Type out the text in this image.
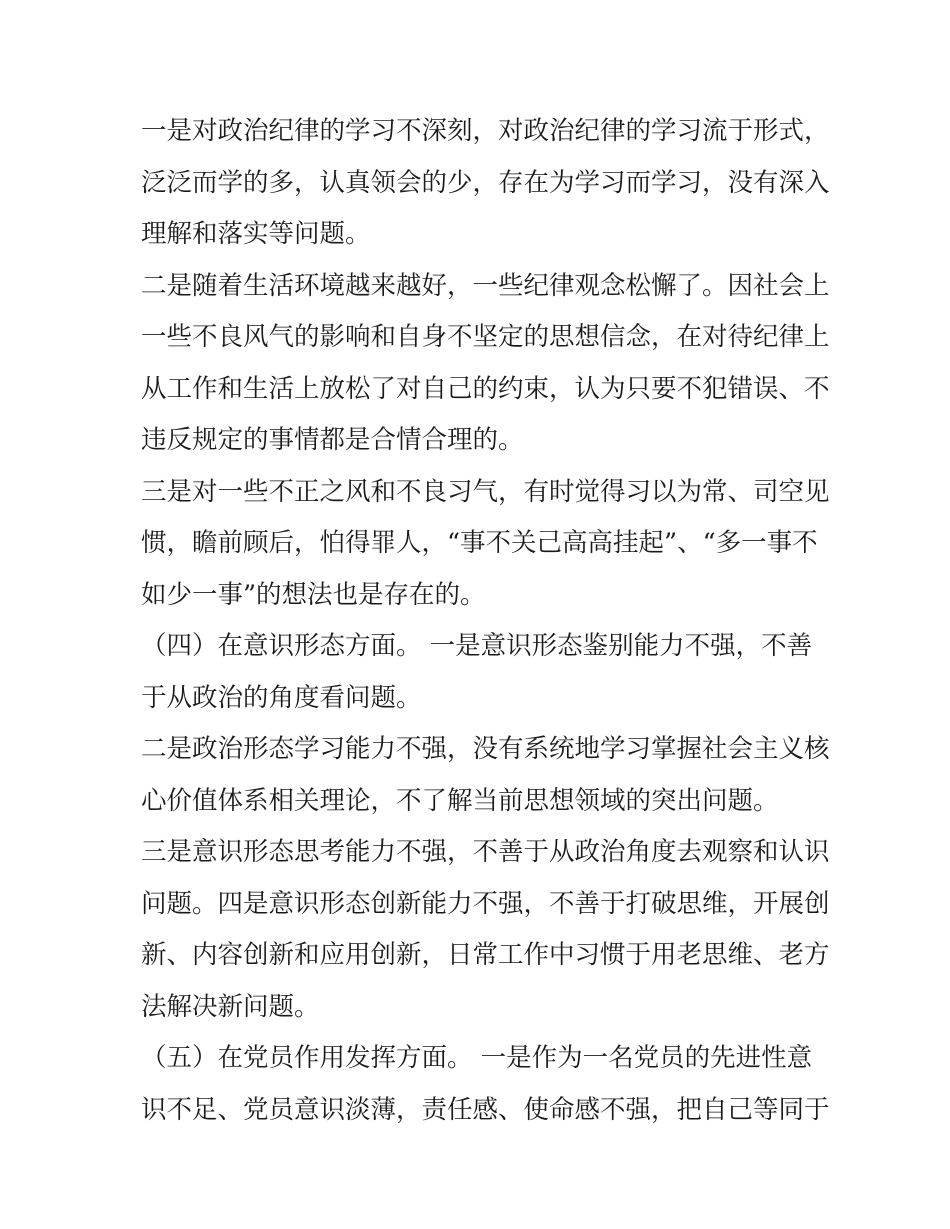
一是对政治纪律的学习不深刻，对政治纪律的学习流于形式，
泛泛而学的多，认真领会的少，存在为学习而学习，没有深入
理解和落实等问题。
二是随着生活环境越来越好，一些纪律观念松懈了。因社会上
一些不良风气的影响和自身不坚定的思想信念，在对待纪律上
从工作和生活上放松了对自己的约束，认为只要不犯错误、不
违反规定的事情都是合情合理的。
三是对一些不正之风和不良习气，有时觉得习以为常、司空见
惯，瞻前顾后，怕得罪人，“事不关己高高挂起”、“多一事不
如少一事”的想法也是存在的。
（四）在意识形态方面。 一是意识形态鉴别能力不强，不善
于从政治的角度看问题。
二是政治形态学习能力不强，没有系统地学习掌握社会主义核
心价值体系相关理论，不了解当前思想领域的突出问题。
三是意识形态思考能力不强，不善于从政治角度去观察和认识
问题。四是意识形态创新能力不强，不善于打破思维，开展创
新、内容创新和应用创新，日常工作中习惯于用老思维、老方
法解决新问题。
（五）在党员作用发挥方面。 一是作为一名党员的先进性意
识不足、党员意识淡薄，责任感、使命感不强，把自己等同于
